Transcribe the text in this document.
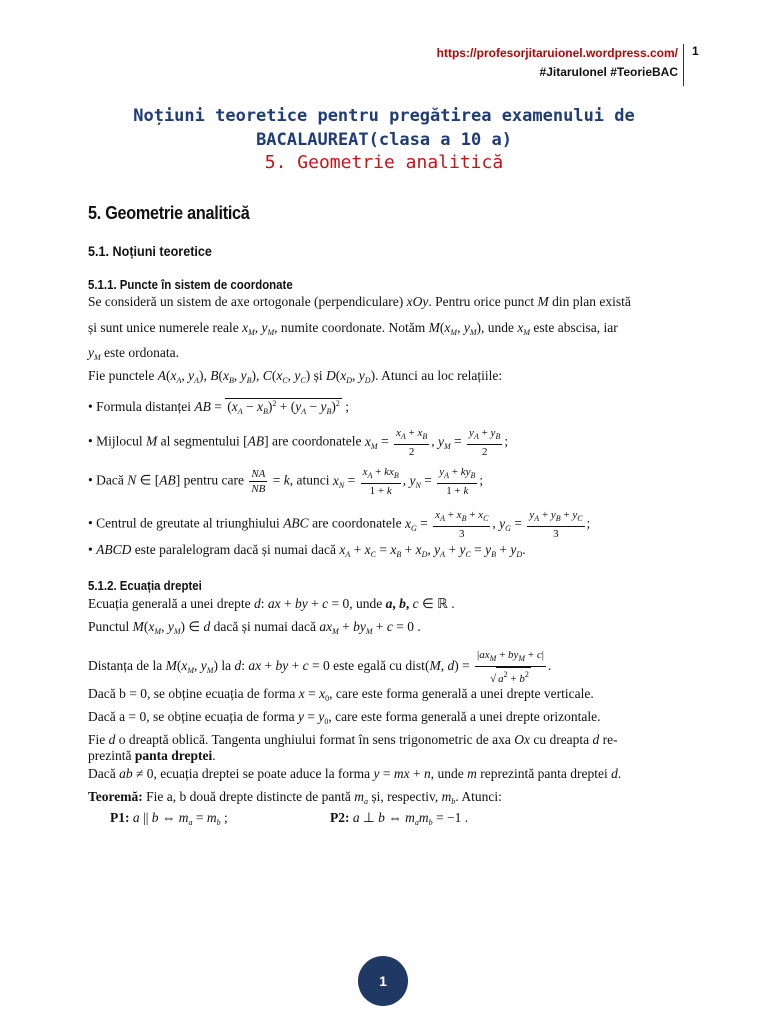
https://profesorjitaruionel.wordpress.com/
#JitaruIonel #TeorieBAC
1
Noțiuni teoretice pentru pregătirea examenului de
BACALAUREAT(clasa a 10 a)
5. Geometrie analitică
5. Geometrie analitică
5.1. Noțiuni teoretice
5.1.1. Puncte în sistem de coordonate
Se consideră un sistem de axe ortogonale (perpendiculare) xOy. Pentru orice punct M din plan există
și sunt unice numerele reale $x_M$, $y_M$, numite coordonate. Notăm $M(x_M$, $y_M$), unde $x_M$ este abscisa, iar
$y_M$ este ordonata.
Fie punctele $A(x_A$, $y_A$), $B(x_B$, $y_B$), $C(x_C$, $y_C$) și $D(x_D$, $y_D$). Atunci au loc relațiile:
• Formula distanței AB = $(x_A - x_B)^2 + (y_A - y_B)^2$ ;
• Mijlocul M al segmentului [AB] are coordonatele $x_M = \frac{x_A + x_B}{2}$ , $y_M = \frac{y_A + y_B}{2}$ ;
• Dacă N ∈ [AB] pentru care $\frac{NA}{NB} = k$, atunci $x_N = \frac{x_A + kx_B}{1 + k}$ , $y_N = \frac{y_A + ky_B}{1 + k}$ ;
• Centrul de greutate al triunghiului ABC are coordonatele $x_G = \frac{x_A + x_B + x_C}{3}$ , $y_G = \frac{y_A + y_B + y_C}{3}$ ;
• ABCD este paralelogram dacă și numai dacă $x_A + x_C = x_B + x_D$, $y_A + y_C = y_B + y_D$.
5.1.2. Ecuația dreptei
Ecuația generală a unei drepte d: ax + by + c = 0, unde a, b, c ∈ ℝ .
Punctul $M(x_M$, $y_M$) ∈ d dacă și numai dacă $ax_M + by_M + c = 0$ .
Distanța de la $M(x_M$, $y_M$) la d: ax + by + c = 0 este egală cu dist(M, $d) = \frac{|ax_M + by_M + c|}{√ a^2 + b^2}$ .
Dacă b = 0, se obține ecuația de forma $x = x_0$, care este forma generală a unei drepte verticale.
Dacă a = 0, se obține ecuația de forma $y = y_0$, care este forma generală a unei drepte orizontale.
Fie d o dreaptă oblică. Tangenta unghiului format în sens trigonometric de axa Ox cu dreapta d re-
prezintă panta dreptei.
Dacă ab ≠ 0, ecuația dreptei se poate aduce la forma y = mx + n, unde m reprezintă panta dreptei d.
Teoremă: Fie a, b două drepte distincte de pantă $m_a$ și, respectiv, $m_b$. Atunci:
P1: a || b ⇔ $m_a = m_b$ ;	P2: a ⊥ b ⇔ $m_am_b = -1$ .
1
